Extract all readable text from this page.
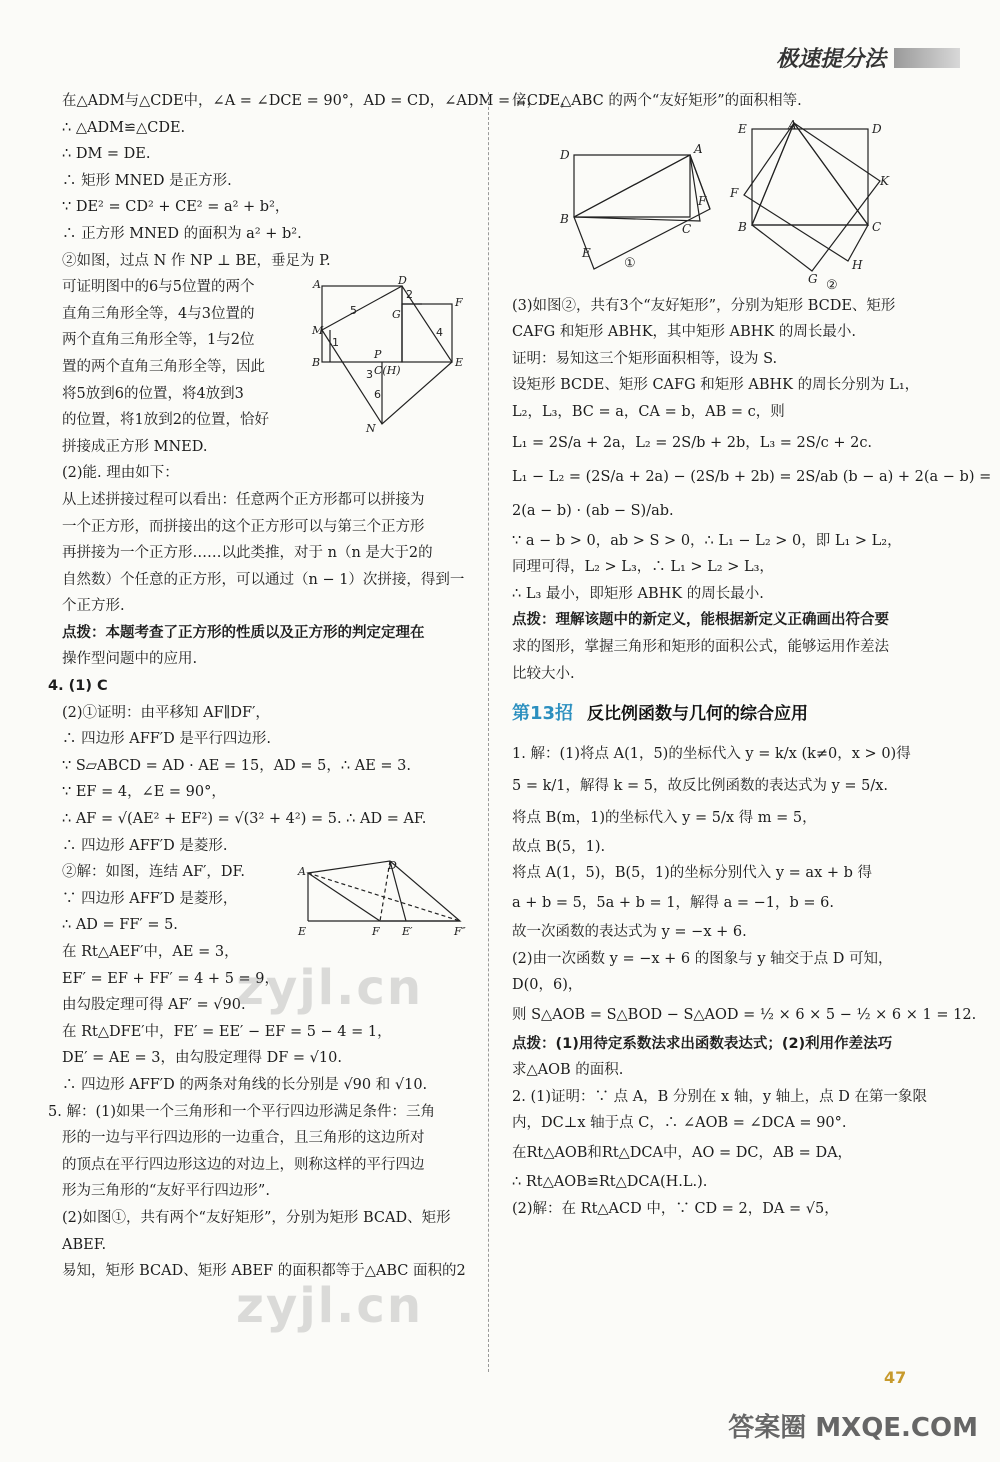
极速提分法
在△ADM与△CDE中，∠A = ∠DCE = 90°，AD = CD，∠ADM = ∠CDE，
∴ △ADM≌△CDE.
∴ DM = DE.
∴ 矩形 MNED 是正方形.
∵ DE² = CD² + CE² = a² + b²，
∴ 正方形 MNED 的面积为 a² + b².
②如图，过点 N 作 NP ⊥ BE，垂足为 P.
可证明图中的6与5位置的两个
直角三角形全等，4与3位置的
两个直角三角形全等，1与2位
置的两个直角三角形全等，因此
将5放到6的位置，将4放到3
的位置，将1放到2的位置，恰好
拼接成正方形 MNED.
A	D
G
F
M
B
P
C(H)
E
N
5
2
4
1
3
6
(2)能. 理由如下：
从上述拼接过程可以看出：任意两个正方形都可以拼接为
一个正方形，而拼接出的这个正方形可以与第三个正方形
再拼接为一个正方形……以此类推，对于 n（n 是大于2的
自然数）个任意的正方形，可以通过（n − 1）次拼接，得到一
个正方形.
点拨：本题考查了正方形的性质以及正方形的判定定理在
操作型问题中的应用.
4. (1) C
(2)①证明：由平移知 AF∥DF′，
∴ 四边形 AFF′D 是平行四边形.
∵ S▱ABCD = AD · AE = 15，AD = 5，∴ AE = 3.
∵ EF = 4，∠E = 90°，
∴ AF = √(AE² + EF²) = √(3² + 4²) = 5. ∴ AD = AF.
∴ 四边形 AFF′D 是菱形.
②解：如图，连结 AF′，DF.
∵ 四边形 AFF′D 是菱形，
∴ AD = FF′ = 5.
在 Rt△AEF′中，AE = 3，
EF′ = EF + FF′ = 4 + 5 = 9，
A	D
E	F E′	F″
由勾股定理可得 AF′ = √90.
在 Rt△DFE′中，FE′ = EE′ − EF = 5 − 4 = 1，
DE′ = AE = 3，由勾股定理得 DF = √10.
∴ 四边形 AFF′D 的两条对角线的长分别是 √90 和 √10.
5. 解：(1)如果一个三角形和一个平行四边形满足条件：三角
形的一边与平行四边形的一边重合，且三角形的这边所对
的顶点在平行四边形这边的对边上，则称这样的平行四边
形为三角形的“友好平行四边形”.
(2)如图①，共有两个“友好矩形”，分别为矩形 BCAD、矩形
ABEF.
易知，矩形 BCAD、矩形 ABEF 的面积都等于△ABC 面积的2
倍，∴ △ABC 的两个“友好矩形”的面积相等.
D	A
B
C
F
E
①
E	A	D
F
K
B	C
G
H
②
(3)如图②，共有3个“友好矩形”，分别为矩形 BCDE、矩形
CAFG 和矩形 ABHK，其中矩形 ABHK 的周长最小.
证明：易知这三个矩形面积相等，设为 S.
设矩形 BCDE、矩形 CAFG 和矩形 ABHK 的周长分别为 L₁，
L₂，L₃，BC = a，CA = b，AB = c，则
L₁ = 2S/a + 2a，L₂ = 2S/b + 2b，L₃ = 2S/c + 2c.
L₁ − L₂ = (2S/a + 2a) − (2S/b + 2b) = 2S/ab (b − a) + 2(a − b) =
2(a − b) · (ab − S)/ab.
∵ a − b > 0，ab > S > 0，∴ L₁ − L₂ > 0，即 L₁ > L₂，
同理可得，L₂ > L₃，∴ L₁ > L₂ > L₃，
∴ L₃ 最小，即矩形 ABHK 的周长最小.
点拨：理解该题中的新定义，能根据新定义正确画出符合要
求的图形，掌握三角形和矩形的面积公式，能够运用作差法
比较大小.
第13招 反比例函数与几何的综合应用
1. 解：(1)将点 A(1，5)的坐标代入 y = k/x (k≠0，x > 0)得
5 = k/1，解得 k = 5，故反比例函数的表达式为 y = 5/x.
将点 B(m，1)的坐标代入 y = 5/x 得 m = 5，
故点 B(5，1).
将点 A(1，5)，B(5，1)的坐标分别代入 y = ax + b 得
a + b = 5，5a + b = 1，解得 a = −1，b = 6.
故一次函数的表达式为 y = −x + 6.
(2)由一次函数 y = −x + 6 的图象与 y 轴交于点 D 可知，
D(0，6)，
则 S△AOB = S△BOD − S△AOD = ½ × 6 × 5 − ½ × 6 × 1 = 12.
点拨：(1)用待定系数法求出函数表达式；(2)利用作差法巧
求△AOB 的面积.
2. (1)证明：∵ 点 A，B 分别在 x 轴，y 轴上，点 D 在第一象限
内，DC⊥x 轴于点 C，∴ ∠AOB = ∠DCA = 90°.
在Rt△AOB和Rt△DCA中，AO = DC，AB = DA，
∴ Rt△AOB≌Rt△DCA(H.L.).
(2)解：在 Rt△ACD 中，∵ CD = 2，DA = √5，
zyjl.cn
zyjl.cn
47
答案圈 MXQE.COM
